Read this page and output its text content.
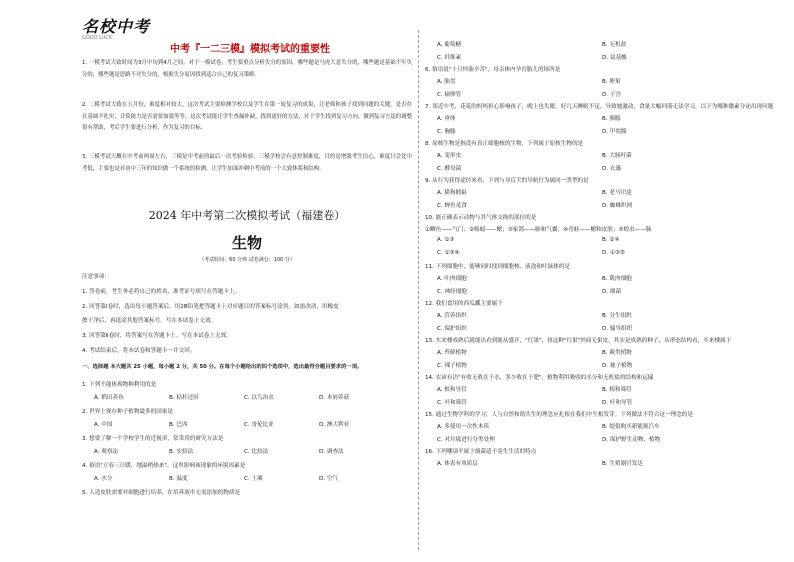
名校中考
GOOD LUCK
中考『一二三模』模拟考试的重要性
1. 一模考试大致时间为3月中旬到4月之间。对于一模试卷，考生要重点分析失分的原因，哪些题是马虎大意失分的，哪些题是基础不牢失分的，哪些题是思路不对失分的，根据失分原因找到适合自己的复习策略。
2. 二模考试大致在五月份，难度相对较大。这次考试主要检测学校以及学生在第一轮复习的成果，让老师和孩子找到问题的关键，是否存在基础不扎实，计算能力是否需要加强等等。这次考试能让学生查漏补缺，找到更好的方法，对于学生找到复习方向，做到复习方法的调整很有帮助，考后学生要进行分析，作为复习的目标。
3. 三模考试大概在中考前两周左右，三模是中考前的最后一次考验检验。三模学校会有意控制难度，目的是增强考生信心，难度只会比中考低，主要也是对初中三年的知识做一个系统的检测，让学生加油冲刺中考前的一个大致体系和结构。
2024 年中考第二次模拟考试（福建卷）
生物
（考试时间：60 分钟 试卷满分：100 分）
注意事项：
1. 答卷前，考生务必将自己的姓名、准考证号填写在答题卡上。
2. 回答第Ⅰ卷时，选出每小题答案后，用2B铅笔把答题卡上对应题目的答案标号涂黑。如需改动，用橡皮
擦干净后，再选涂其他答案标号。写在本试卷上无效。
3. 回答第Ⅱ卷时，将答案写在答题卡上。写在本试卷上无效。
4. 考试结束后，将本试卷和答题卡一并交回。
一、选择题 本大题共 25 小题，每小题 2 分，共 50 分。在每个小题给出的四个选项中，选出最符合题目要求的一项。
1. 下列不能体现物种利用的是
A. 稻田养鱼	B. 秸秆还田	C. 以鸟治虫	D. 木屑养菇
2. 世界上现存种子植物最多的国家是
A. 中国	B. 巴西	C. 哥伦比亚	D. 澳大利亚
3. 想要了解一个学校学生的近视率，常采用的研究方法是
A. 观察法	B. 实验法	C. 比较法	D. 调查法
4. 俗语"立春三日暖，地温梢热来"，这里影响该现象的环境因素是
A. 水分	B. 温度	C. 土壤	D. 空气
5. 人造皮肤需要对细胞进行培养，在培养液中无需添加的物质是
A. 葡萄糖	B. 无机盐
C. 纤维素	D. 氨基酸
6. 俗语说"十月怀胎辛苦"，母亲体内孕育胎儿的场所是
A. 胎盘	B. 卵巢
C. 输卵管	D. 子宫
7. 邻近中考，花花的妈妈担心影响孩子，晚上也失眠，好几天睡眠不足，导致她激动，食量大幅回落无法学习，以下为哪种激素分泌出现问题
A. 垂体	B. 胰腺
C. 胸腺	D. 甲状腺
8. 原核生物是指没有真正细胞核的生物，下列属于原核生物的是
A. 变形虫	B. 大肠杆菌
C. 酵母菌	D. 衣藻
9. 从行为获得途径来看，下列与导盲犬的导航行为属同一类型的是
A. 猫狗捕鼠	B. 老马识途
C. 蝉鱼觅食	D. 蜘蛛织网
10. 能正确表示动物与其气体交换的部位的是
①鲫鱼——气门；②蚯蚓——鳃；③家鸽——肺和气囊；④青蛙——鳃和皮肤；⑤蝗虫——肺
A. ①③	B. ②④
C. ①③④	D. ①③⑤
11. 下列细胞中，能够同时找到细胞核、液泡和叶绿体的是
A. 叶肉细胞	B. 肌肉细胞
C. 神经细胞	D. 细菌
12. 我们食用的西瓜瓤主要属于
A. 营养组织	B. 分生组织
C. 保护组织	D. 输导组织
13. 买来楼成熟后就能出看到能从盛开，"红果"，扭这种"红果"外面无果皮，其实是成熟的种子，从形态结构看，买来楼属于
A. 苔藓植物	B. 蕨类植物
C. 裸子植物	D. 被子植物
14. 农谚有语"有收无收在于水，多少收在于肥"，植物利用吸收的水分和无机盐的结构和运输
A. 根和导管	B. 根和筛管
C. 叶和筛管	D. 叶和导管
15. 通过生物学科的学习，人与自然和谐共生的理念应扎根在我们中生根发芽。下列做法不符合这一理念的是
A. 多使用一次性木筷	B. 提倡购买新能源汽车
C. 对垃圾进行分类处理	D. 保护野生动物、植物
16. 下列哪项不属于细菌适于寄生生活的特点
A. 体表有角质层	B. 生殖器官发达
